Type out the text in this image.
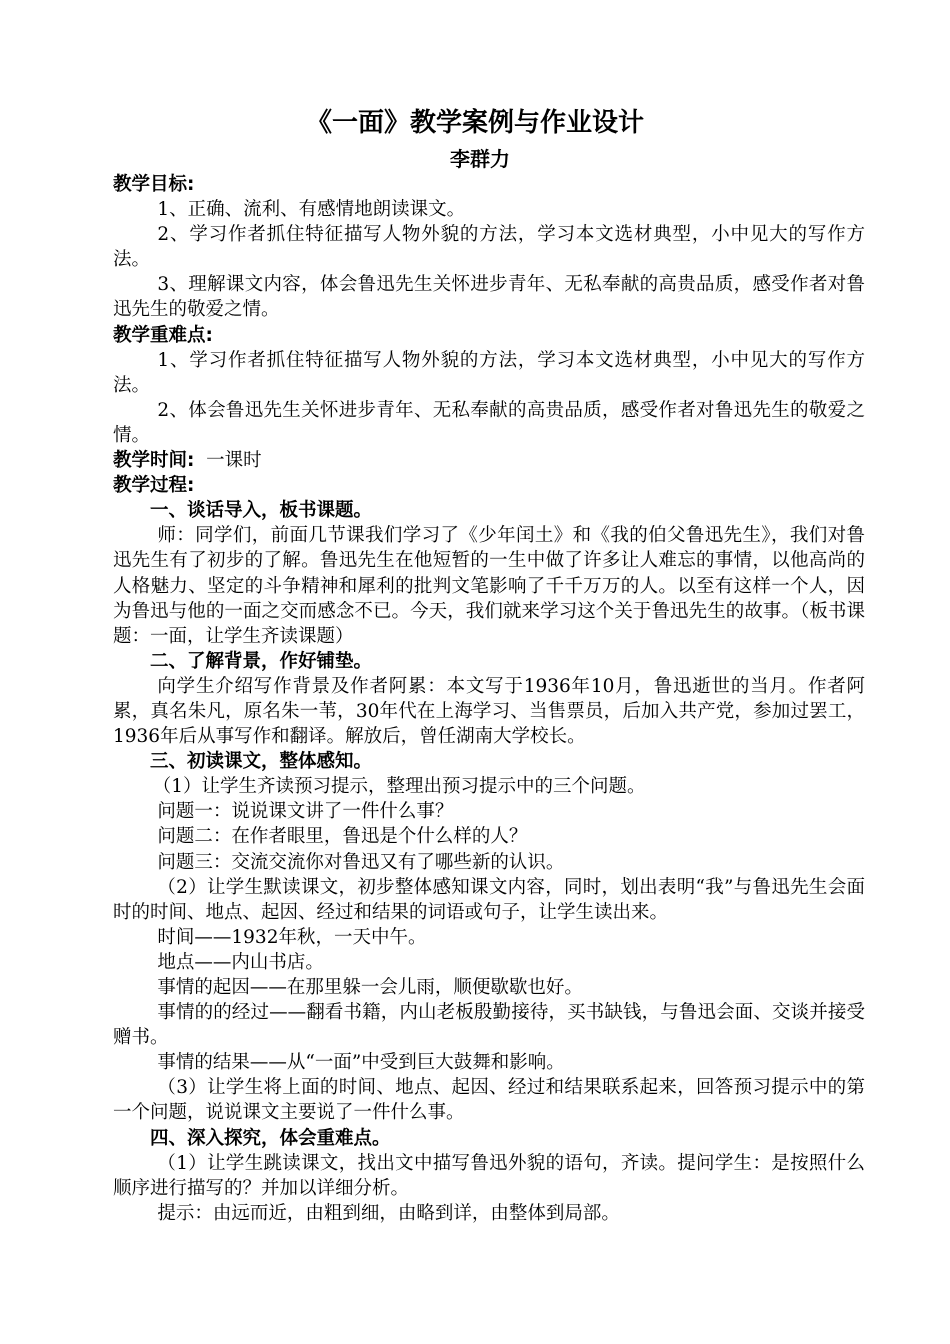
《一面》教学案例与作业设计
李群力

教学目标:

1、正确、流利、有感情地朗读课文。

2、学习作者抓住特征描写人物外貌的方法，学习本文选材典型，小中见大的写作方法。

3、理解课文内容，体会鲁迅先生关怀进步青年、无私奉献的高贵品质，感受作者对鲁迅先生的敬爱之情。

教学重难点:

1、学习作者抓住特征描写人物外貌的方法，学习本文选材典型，小中见大的写作方法。

2、体会鲁迅先生关怀进步青年、无私奉献的高贵品质，感受作者对鲁迅先生的敬爱之情。

教学时间: 一课时

教学过程:

一、谈话导入，板书课题。

师：同学们，前面几节课我们学习了《少年闰土》和《我的伯父鲁迅先生》，我们对鲁迅先生有了初步的了解。鲁迅先生在他短暂的一生中做了许多让人难忘的事情，以他高尚的人格魅力、坚定的斗争精神和犀利的批判文笔影响了千千万万的人。以至有这样一个人，因为鲁迅与他的一面之交而感念不已。今天，我们就来学习这个关于鲁迅先生的故事。（板书课题：一面，让学生齐读课题）

二、了解背景，作好铺垫。

向学生介绍写作背景及作者阿累：本文写于1936年10月，鲁迅逝世的当月。作者阿累，真名朱凡，原名朱一苇，30年代在上海学习、当售票员，后加入共产党，参加过罢工，1936年后从事写作和翻译。解放后，曾任湖南大学校长。

三、初读课文，整体感知。

（1）让学生齐读预习提示，整理出预习提示中的三个问题。

问题一：说说课文讲了一件什么事？

问题二：在作者眼里，鲁迅是个什么样的人？

问题三：交流交流你对鲁迅又有了哪些新的认识。

（2）让学生默读课文，初步整体感知课文内容，同时，划出表明“我”与鲁迅先生会面时的时间、地点、起因、经过和结果的词语或句子，让学生读出来。

时间——1932年秋，一天中午。

地点——内山书店。

事情的起因——在那里躲一会儿雨，顺便歇歇也好。

事情的的经过——翻看书籍，内山老板殷勤接待，买书缺钱，与鲁迅会面、交谈并接受赠书。

事情的结果——从“一面”中受到巨大鼓舞和影响。

（3）让学生将上面的时间、地点、起因、经过和结果联系起来，回答预习提示中的第一个问题，说说课文主要说了一件什么事。

四、深入探究，体会重难点。

（1）让学生跳读课文，找出文中描写鲁迅外貌的语句，齐读。提问学生：是按照什么顺序进行描写的？并加以详细分析。

提示：由远而近，由粗到细，由略到详，由整体到局部。
